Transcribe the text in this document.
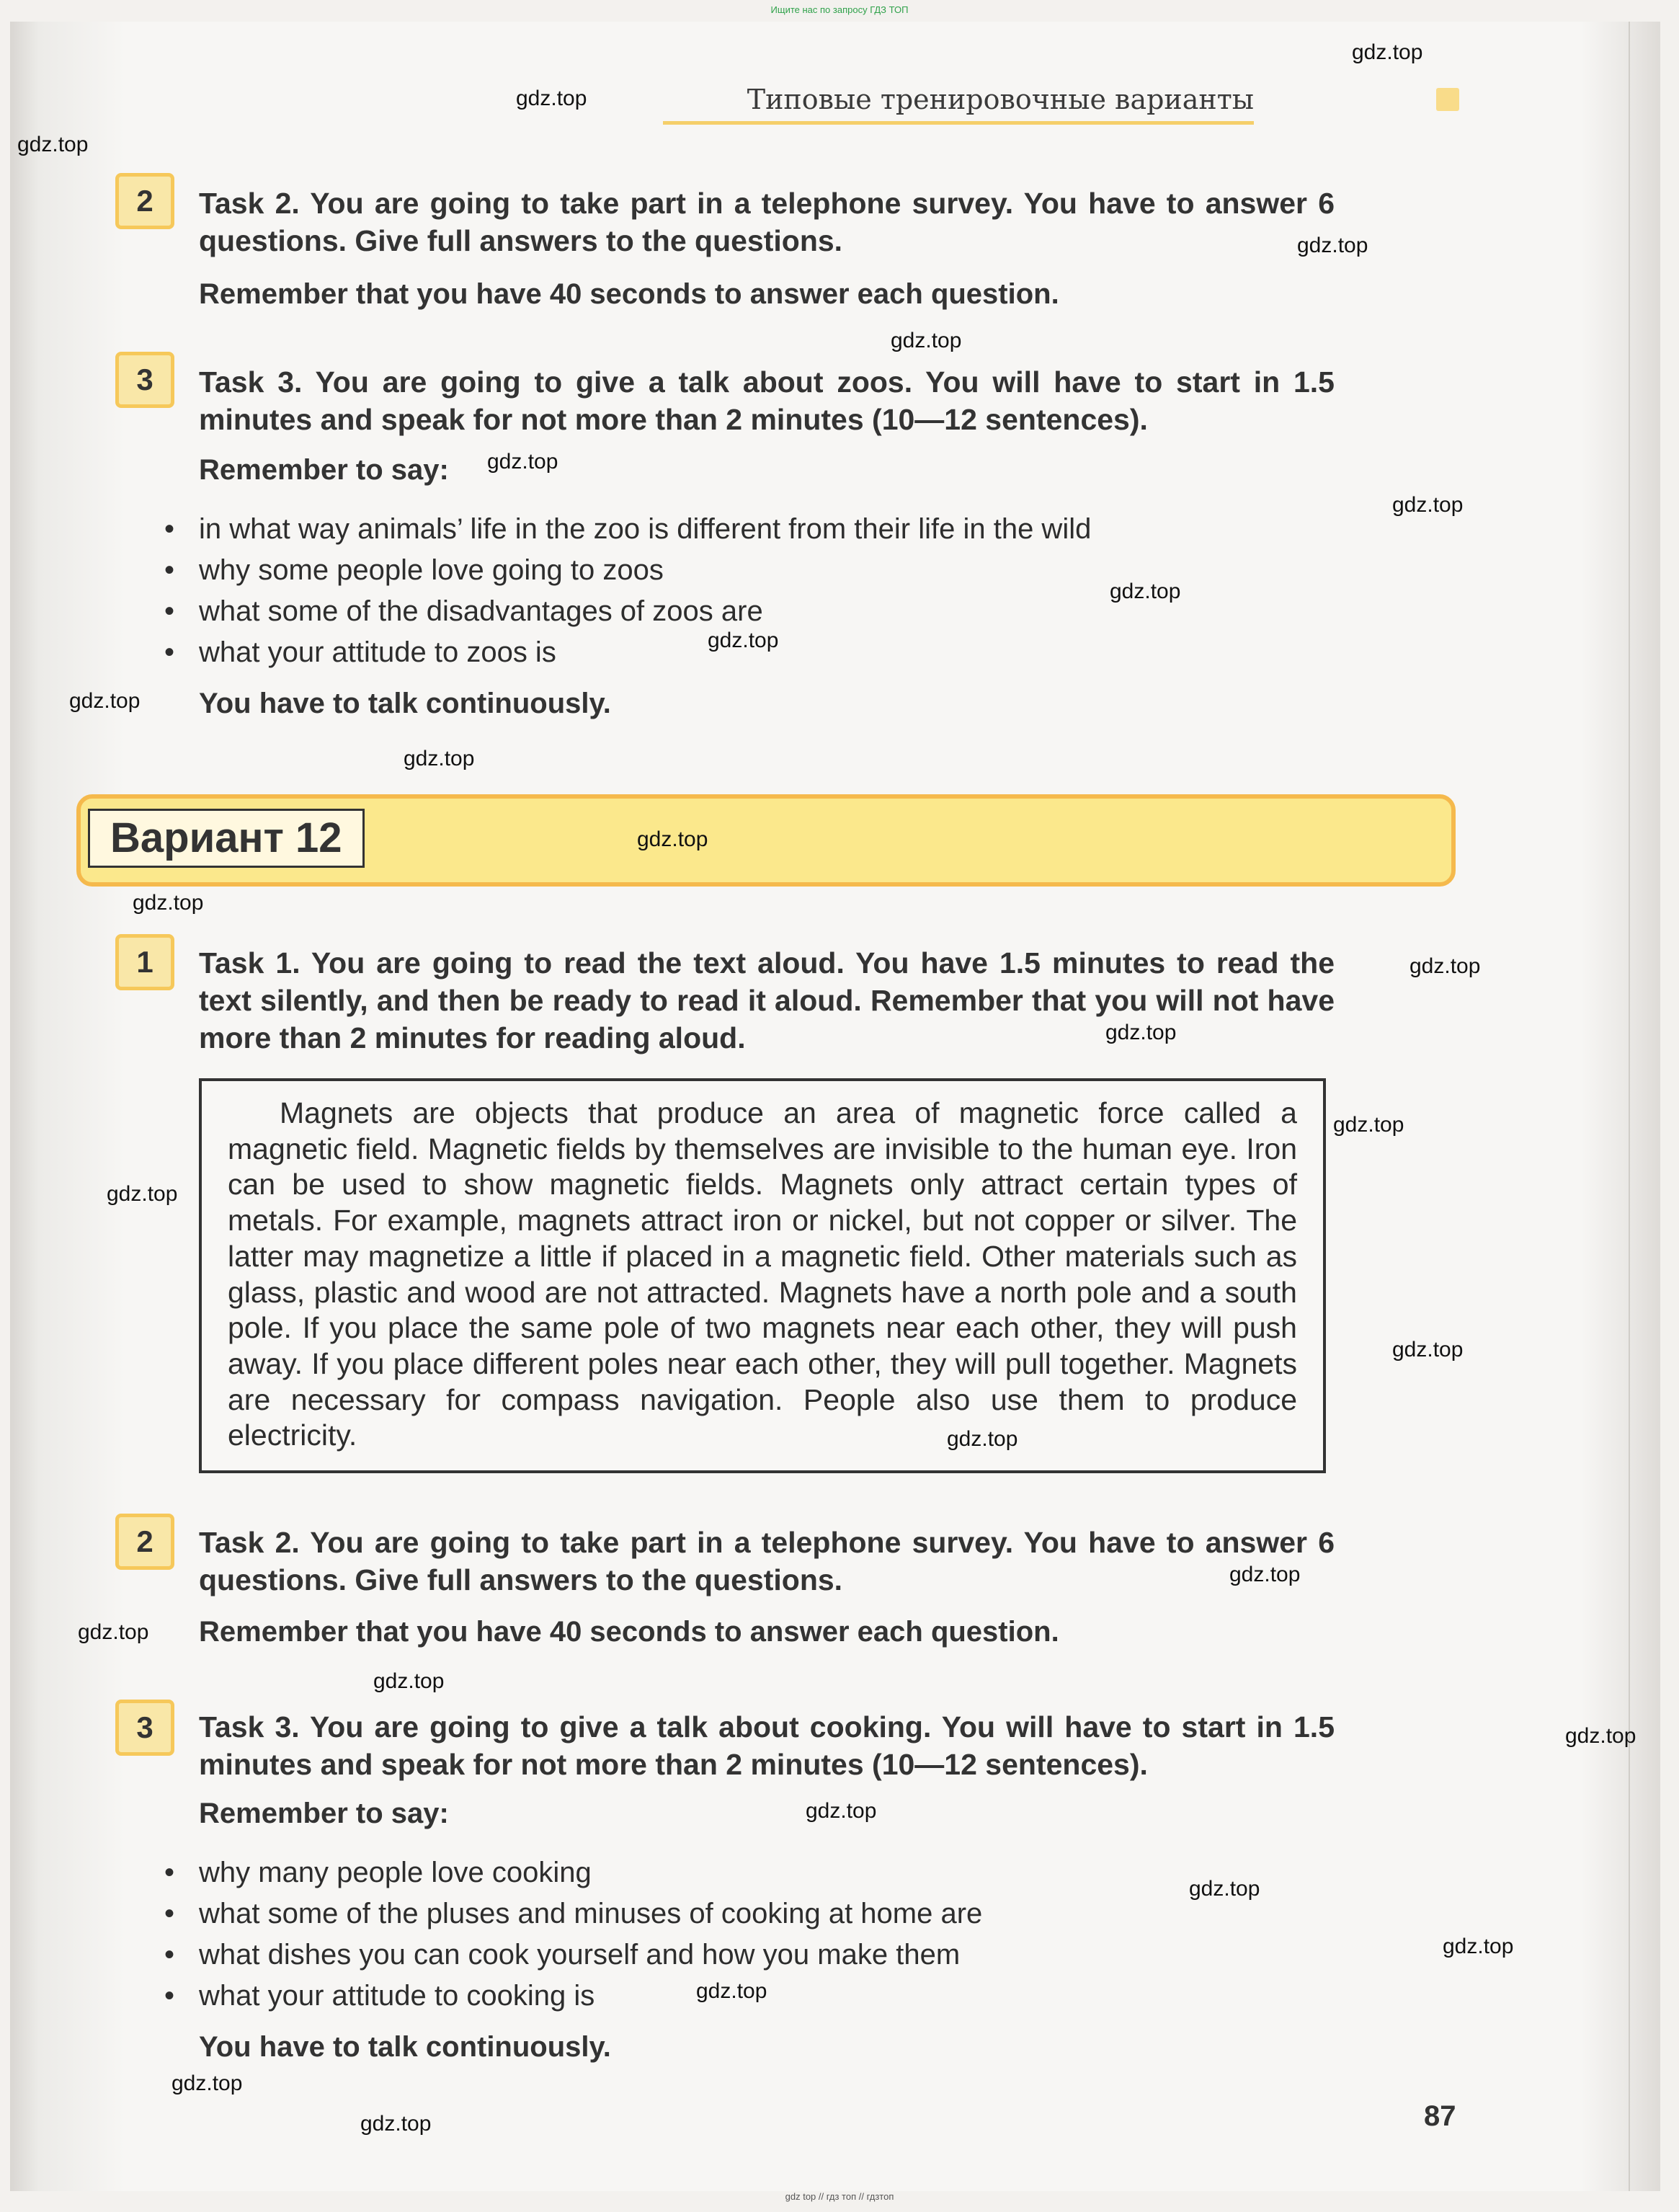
Ищите нас по запросу ГДЗ ТОП
Типовые тренировочные варианты
2	Task 2. You are going to take part in a telephone survey. You have to answer 6 questions. Give full answers to the questions.
Remember that you have 40 seconds to answer each question.
3	Task 3. You are going to give a talk about zoos. You will have to start in 1.5 minutes and speak for not more than 2 minutes (10—12 sentences).
Remember to say:
• in what way animals’ life in the zoo is different from their life in the wild
• why some people love going to zoos
• what some of the disadvantages of zoos are
• what your attitude to zoos is
You have to talk continuously.
Вариант 12
1	Task 1. You are going to read the text aloud. You have 1.5 minutes to read the text silently, and then be ready to read it aloud. Remember that you will not have more than 2 minutes for reading aloud.
Magnets are objects that produce an area of magnetic force called a magnetic field. Magnetic fields by themselves are invisible to the human eye. Iron can be used to show magnetic fields. Magnets only attract certain types of metals. For example, magnets attract iron or nickel, but not copper or silver. The latter may magnetize a little if placed in a magnetic field. Other materials such as glass, plastic and wood are not attracted. Magnets have a north pole and a south pole. If you place the same pole of two magnets near each other, they will push away. If you place different poles near each other, they will pull together. Magnets are necessary for compass navigation. People also use them to produce electricity.
2	Task 2. You are going to take part in a telephone survey. You have to answer 6 questions. Give full answers to the questions.
Remember that you have 40 seconds to answer each question.
3	Task 3. You are going to give a talk about cooking. You will have to start in 1.5 minutes and speak for not more than 2 minutes (10—12 sentences).
Remember to say:
• why many people love cooking
• what some of the pluses and minuses of cooking at home are
• what dishes you can cook yourself and how you make them
• what your attitude to cooking is
You have to talk continuously.
87
gdz.top
gdz.top
gdz.top
gdz.top
gdz.top
gdz.top
gdz.top
gdz.top
gdz.top
gdz.top
gdz.top
gdz.top
gdz.top
gdz.top
gdz.top
gdz.top
gdz.top
gdz.top
gdz.top
gdz.top
gdz.top
gdz.top
gdz.top
gdz.top
gdz.top
gdz.top
gdz.top
gdz.top
gdz.top
gdz top // гдз топ // гдзтоп
